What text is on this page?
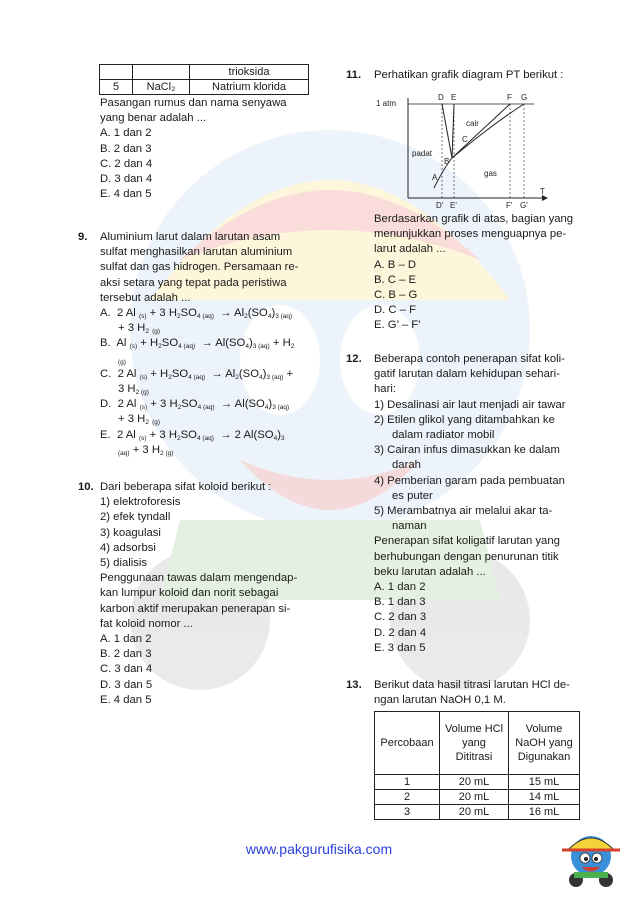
		trioksida
5	NaCl₂	Natrium klorida
Pasangan rumus dan nama senyawa
yang benar adalah ...
A. 1 dan 2
B. 2 dan 3
C. 2 dan 4
D. 3 dan 4
E. 4 dan 5
9. Aluminium larut dalam larutan asam
sulfat menghasilkan larutan aluminium
sulfat dan gas hidrogen. Persamaan re-
aksi setara yang tepat pada peristiwa
tersebut adalah ...
A.  2 Al $_{(s)}$ + 3 $H_2SO_{4 (aq)} \to Al_2(SO_4)_{3 (aq)}$
+ 3 $H_2$ $_{(g)}$
B.  Al $_{(s)} + H_2SO_{4 (aq)} \to Al(SO_4)_{3 (aq)} + H_2$
$_{(g)}$
C.  2 Al $_{(s)} + H_2SO_{4 (aq)} \to Al_2(SO_4)_{3 (aq)}$ +
3 $H_{2 (g)}$
D.  2 Al $_{(s)}$ + 3 $H_2SO_{4 (aq)} \to Al(SO_4)_{3 (aq)}$
+ 3 $H_2$ $_{(g)}$
E.  2 Al $_{(s)}$ + 3 $H_2SO_{4 (aq)} \to 2$ $Al(SO_4)_3$
$_{(aq)}$ + 3 $H_{2 (g)}$
10. Dari beberapa sifat koloid berikut :
1) elektroforesis
2) efek tyndall
3) koagulasi
4) adsorbsi
5) dialisis
Penggunaan tawas dalam mengendap-
kan lumpur koloid dan norit sebagai
karbon aktif merupakan penerapan si-
fat koloid nomor ...
A. 1 dan 2
B. 2 dan 3
C. 3 dan 4
D. 3 dan 5
E. 4 dan 5
11. Perhatikan grafik diagram PT berikut :
1 atm
D E	F G
cair
padat
gas
A
B
C
D' E'	F' G'
T
Berdasarkan grafik di atas, bagian yang
menunjukkan proses menguapnya pe-
larut adalah ...
A. B – D
B. C – E
C. B – G
D. C – F
E. G’ – F’
12. Beberapa contoh penerapan sifat koli-
gatif larutan dalam kehidupan sehari-
hari:
1) Desalinasi air laut menjadi air tawar
2) Etilen glikol yang ditambahkan ke
dalam radiator mobil
3) Cairan infus dimasukkan ke dalam
darah
4) Pemberian garam pada pembuatan
es puter
5) Merambatnya air melalui akar ta-
naman
Penerapan sifat koligatif larutan yang
berhubungan dengan penurunan titik
beku larutan adalah ...
A. 1 dan 2
B. 1 dan 3
C. 2 dan 3
D. 2 dan 4
E. 3 dan 5
13. Berikut data hasil titrasi larutan HCl de-
ngan larutan NaOH 0,1 M.
Percobaan	Volume HCl yang Dititrasi	Volume NaOH yang Digunakan
1	20 mL	15 mL
2	20 mL	14 mL
3	20 mL	16 mL
www.pakgurufisika.com
